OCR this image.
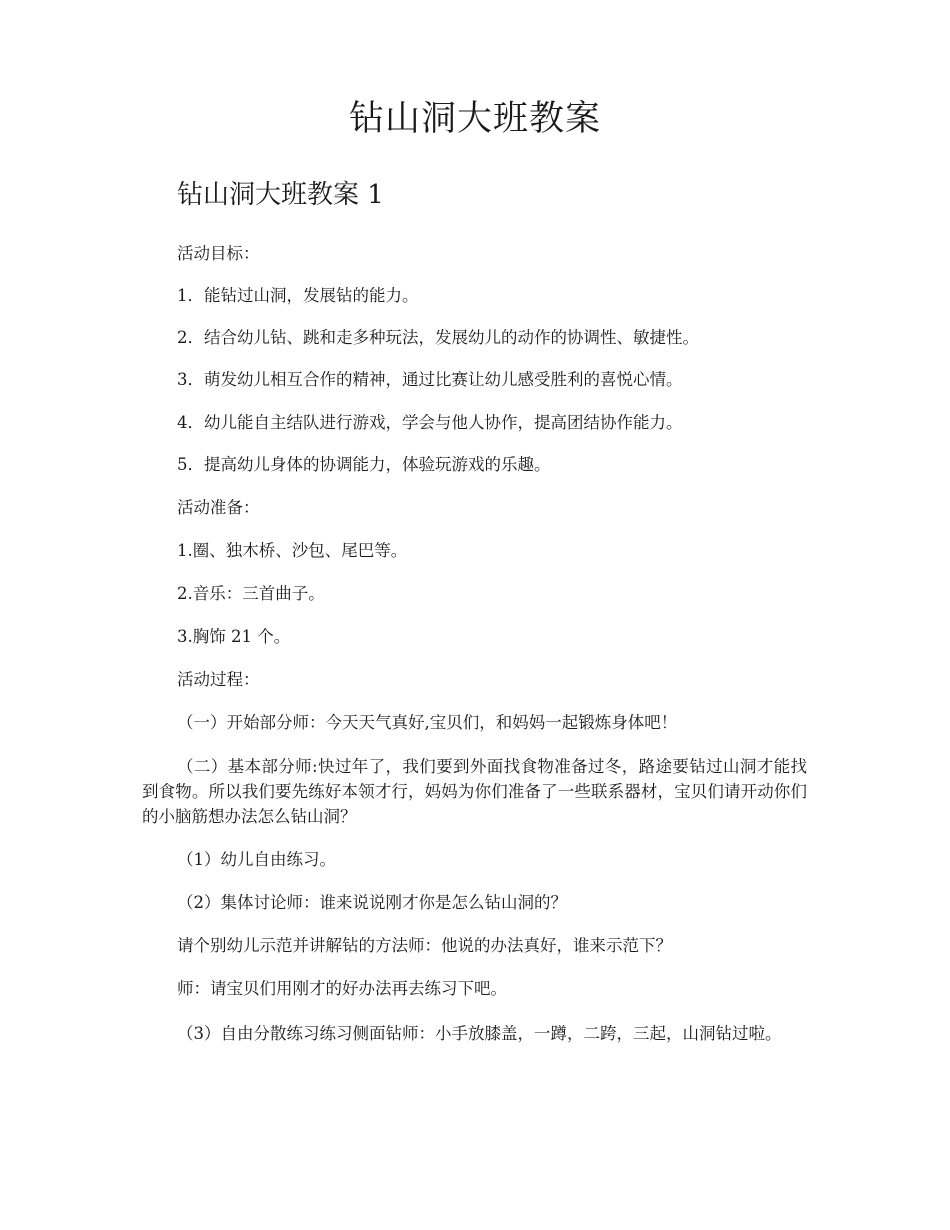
钻山洞大班教案
钻山洞大班教案 1

活动目标：

1．能钻过山洞，发展钻的能力。

2．结合幼儿钻、跳和走多种玩法，发展幼儿的动作的协调性、敏捷性。

3．萌发幼儿相互合作的精神，通过比赛让幼儿感受胜利的喜悦心情。

4．幼儿能自主结队进行游戏，学会与他人协作，提高团结协作能力。

5．提高幼儿身体的协调能力，体验玩游戏的乐趣。

活动准备：

1.圈、独木桥、沙包、尾巴等。

2.音乐：三首曲子。

3.胸饰 21 个。

活动过程：

（一）开始部分师：今天天气真好,宝贝们，和妈妈一起锻炼身体吧！

（二）基本部分师:快过年了，我们要到外面找食物准备过冬，路途要钻过山洞才能找到食物。所以我们要先练好本领才行，妈妈为你们准备了一些联系器材，宝贝们请开动你们的小脑筋想办法怎么钻山洞？

（1）幼儿自由练习。

（2）集体讨论师：谁来说说刚才你是怎么钻山洞的？

请个别幼儿示范并讲解钻的方法师：他说的办法真好，谁来示范下？

师：请宝贝们用刚才的好办法再去练习下吧。

（3）自由分散练习练习侧面钻师：小手放膝盖，一蹲，二跨，三起，山洞钻过啦。
